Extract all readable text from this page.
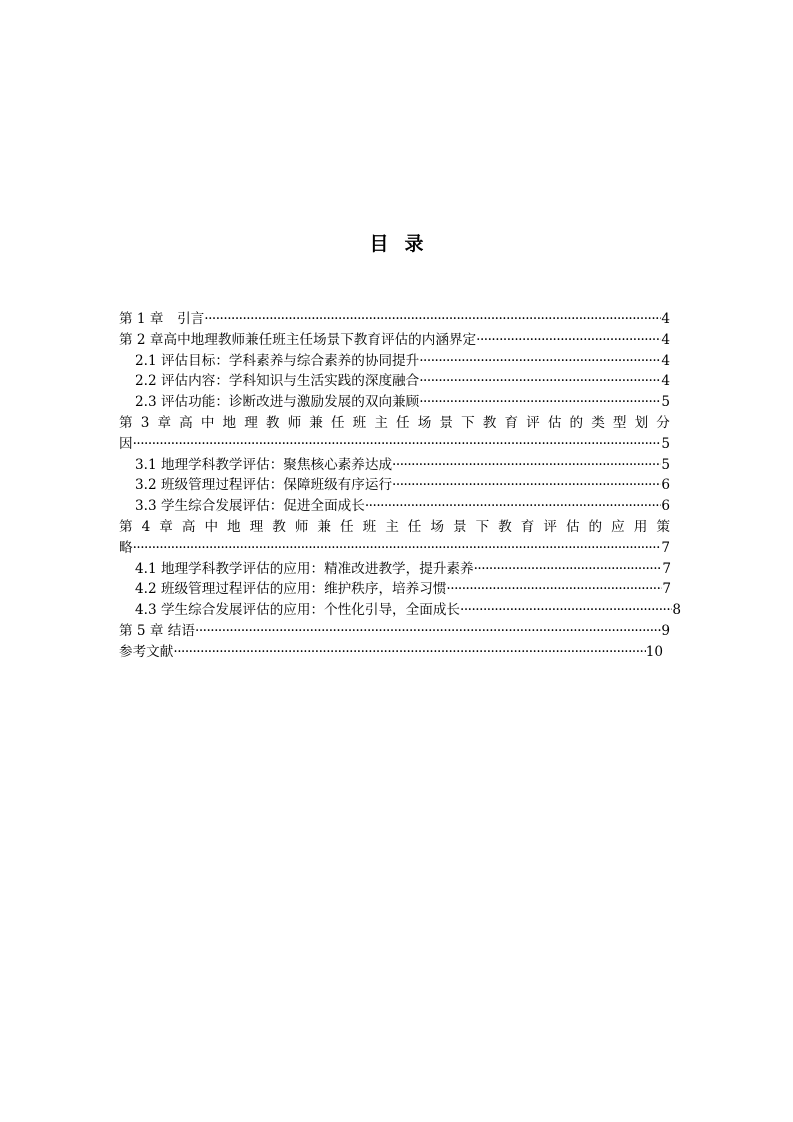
目 录
第 1 章　引言 ·····	4
第 2 章高中地理教师兼任班主任场景下教育评估的内涵界定 ·····	4
2.1 评估目标：学科素养与综合素养的协同提升 ·····	4
2.2 评估内容：学科知识与生活实践的深度融合 ·····	4
2.3 评估功能：诊断改进与激励发展的双向兼顾 ·····	5
第 3 章 高 中 地 理 教 师 兼 任 班 主 任 场 景 下 教 育 评 估 的 类 型 划 分
因 ·····	5
3.1 地理学科教学评估：聚焦核心素养达成 ·····	5
3.2 班级管理过程评估：保障班级有序运行 ·····	6
3.3 学生综合发展评估：促进全面成长 ·····	6
第 4 章 高 中 地 理 教 师 兼 任 班 主 任 场 景 下 教 育 评 估 的 应 用 策
略 ·····	7
4.1 地理学科教学评估的应用：精准改进教学，提升素养 ·····	7
4.2 班级管理过程评估的应用：维护秩序，培养习惯 ·····	7
4.3 学生综合发展评估的应用：个性化引导，全面成长 ·····	8
第 5 章 结语 ·····	9
参考文献 ·····	10
